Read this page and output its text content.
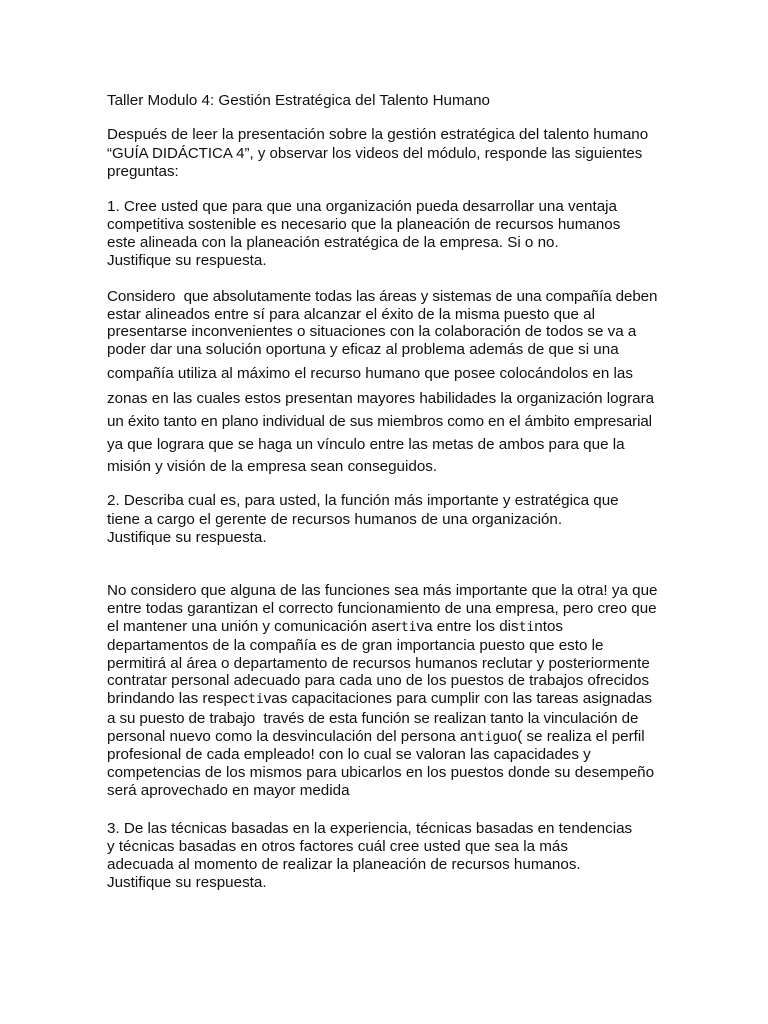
Taller Modulo 4: Gestión Estratégica del Talento Humano
Después de leer la presentación sobre la gestión estratégica del talento humano
“GUÍA DIDÁCTICA 4”, y observar los videos del módulo, responde las siguientes
preguntas:
1. Cree usted que para que una organización pueda desarrollar una ventaja
competitiva sostenible es necesario que la planeación de recursos humanos
este alineada con la planeación estratégica de la empresa. Si o no.
Justifique su respuesta.
Considero  que absolutamente todas las áreas y sistemas de una compañía deben
estar alineados entre sí para alcanzar el éxito de la misma puesto que al
presentarse inconvenientes o situaciones con la colaboración de todos se va a
poder dar una solución oportuna y eficaz al problema además de que si una
compañía utiliza al máximo el recurso humano que posee colocándolos en las
zonas en las cuales estos presentan mayores habilidades la organización lograra
un éxito tanto en plano individual de sus miembros como en el ámbito empresarial
ya que lograra que se haga un vínculo entre las metas de ambos para que la
misión y visión de la empresa sean conseguidos.
2. Describa cual es, para usted, la función más importante y estratégica que
tiene a cargo el gerente de recursos humanos de una organización.
Justifique su respuesta.
No considero que alguna de las funciones sea más importante que la otra! ya que
entre todas garantizan el correcto funcionamiento de una empresa, pero creo que
el mantener una unión y comunicación asertiva entre los distintos
departamentos de la compañía es de gran importancia puesto que esto le
permitirá al área o departamento de recursos humanos reclutar y posteriormente
contratar personal adecuado para cada uno de los puestos de trabajos ofrecidos
brindando las respectivas capacitaciones para cumplir con las tareas asignadas
a su puesto de trabajo  través de esta función se realizan tanto la vinculación de
personal nuevo como la desvinculación del persona antiguo( se realiza el perfil
profesional de cada empleado! con lo cual se valoran las capacidades y
competencias de los mismos para ubicarlos en los puestos donde su desempeño
será aprovechado en mayor medida
3. De las técnicas basadas en la experiencia, técnicas basadas en tendencias
y técnicas basadas en otros factores cuál cree usted que sea la más
adecuada al momento de realizar la planeación de recursos humanos.
Justifique su respuesta.
